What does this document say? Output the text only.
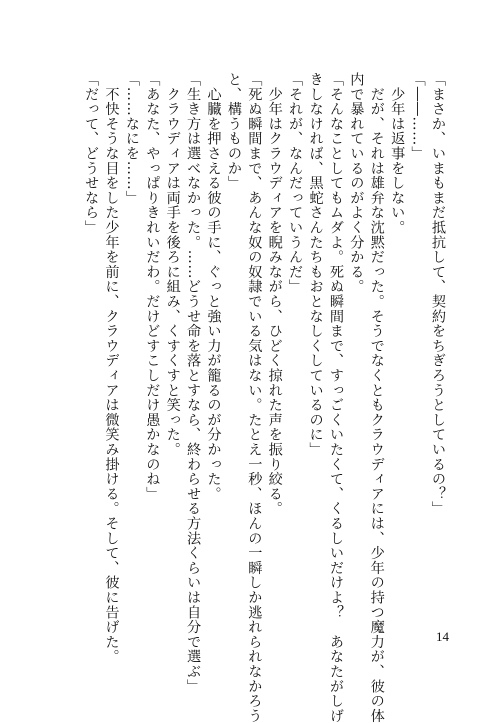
「まさか、いまもまだ抵抗して、契約をちぎろうとしているの？」
「――……」
　少年は返事をしない。
　だが、それは雄弁な沈黙だった。そうでなくともクラウディアには、少年の持つ魔力が、彼の体
内で暴れているのがよく分かる。
「そんなことしてもムダよ。死ぬ瞬間まで、すっごくいたくて、くるしいだけよ？　あなたがしげ
きしなければ、黒蛇さんたちもおとなしくしているのに」
「それが、なんだっていうんだ」
　少年はクラウディアを睨みながら、ひどく掠れた声を振り絞る。
「死ぬ瞬間まで、あんな奴の奴隷でいる気はない。たとえ一秒、ほんの一瞬しか逃れられなかろう
と、構うものか」
　心臓を押さえる彼の手に、ぐっと強い力が籠るのが分かった。
「生き方は選べなかった。……どうせ命を落とすなら、終わらせる方法くらいは自分で選ぶ」
　クラウディアは両手を後ろに組み、くすくすと笑った。
「あなた、やっぱりきれいだわ。だけどすこしだけ愚かなのね」
「……なにを……」
　不快そうな目をした少年を前に、クラウディアは微笑み掛ける。そして、彼に告げた。
「だって、どうせなら」
14
